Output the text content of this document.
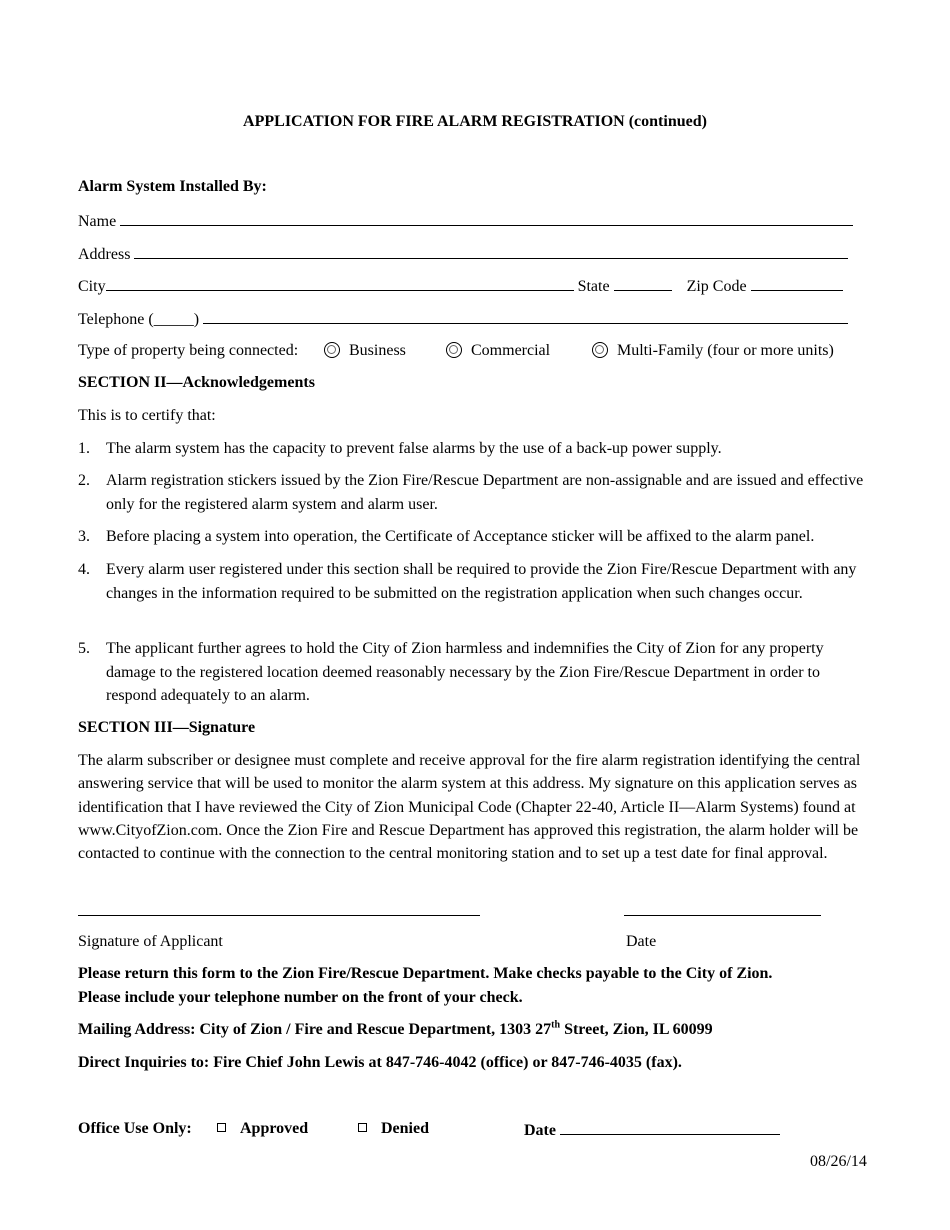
APPLICATION FOR FIRE ALARM REGISTRATION (continued)
Alarm System Installed By:
Name
Address
City	State	Zip Code
Telephone (_____)
Type of property being connected:	Business	Commercial	Multi-Family (four or more units)
SECTION II—Acknowledgements
This is to certify that:
1. The alarm system has the capacity to prevent false alarms by the use of a back-up power supply.
2. Alarm registration stickers issued by the Zion Fire/Rescue Department are non-assignable and are issued and effective only for the registered alarm system and alarm user.
3. Before placing a system into operation, the Certificate of Acceptance sticker will be affixed to the alarm panel.
4. Every alarm user registered under this section shall be required to provide the Zion Fire/Rescue Department with any changes in the information required to be submitted on the registration application when such changes occur.
5. The applicant further agrees to hold the City of Zion harmless and indemnifies the City of Zion for any property damage to the registered location deemed reasonably necessary by the Zion Fire/Rescue Department in order to respond adequately to an alarm.
SECTION III—Signature
The alarm subscriber or designee must complete and receive approval for the fire alarm registration identifying the central answering service that will be used to monitor the alarm system at this address. My signature on this application serves as identification that I have reviewed the City of Zion Municipal Code (Chapter 22-40, Article II—Alarm Systems) found at www.CityofZion.com. Once the Zion Fire and Rescue Department has approved this registration, the alarm holder will be contacted to continue with the connection to the central monitoring station and to set up a test date for final approval.
Signature of Applicant	Date
Please return this form to the Zion Fire/Rescue Department. Make checks payable to the City of Zion.
Please include your telephone number on the front of your check.
Mailing Address: City of Zion / Fire and Rescue Department, 1303 27th Street, Zion, IL 60099
Direct Inquiries to: Fire Chief John Lewis at 847-746-4042 (office) or 847-746-4035 (fax).
Office Use Only:	Approved	Denied	Date
08/26/14
